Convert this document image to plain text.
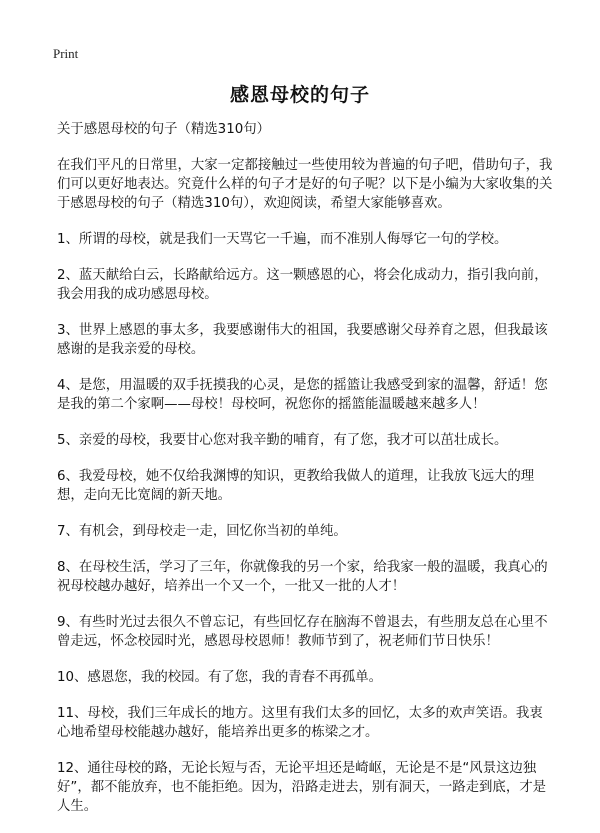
Print
感恩母校的句子

关于感恩母校的句子（精选310句）

在我们平凡的日常里，大家一定都接触过一些使用较为普遍的句子吧，借助句子，我们可以更好地表达。究竟什么样的句子才是好的句子呢？以下是小编为大家收集的关于感恩母校的句子（精选310句），欢迎阅读，希望大家能够喜欢。

1、所谓的母校，就是我们一天骂它一千遍，而不准别人侮辱它一句的学校。

2、蓝天献给白云，长路献给远方。这一颗感恩的心，将会化成动力，指引我向前，我会用我的成功感恩母校。

3、世界上感恩的事太多，我要感谢伟大的祖国，我要感谢父母养育之恩，但我最该感谢的是我亲爱的母校。

4、是您，用温暖的双手抚摸我的心灵，是您的摇篮让我感受到家的温馨，舒适！您是我的第二个家啊——母校！母校呵，祝您你的摇篮能温暖越来越多人！

5、亲爱的母校，我要甘心您对我辛勤的哺育，有了您，我才可以茁壮成长。

6、我爱母校，她不仅给我渊博的知识，更教给我做人的道理，让我放飞远大的理想，走向无比宽阔的新天地。

7、有机会，到母校走一走，回忆你当初的单纯。

8、在母校生活，学习了三年，你就像我的另一个家，给我家一般的温暖，我真心的祝母校越办越好，培养出一个又一个，一批又一批的人才！

9、有些时光过去很久不曾忘记，有些回忆存在脑海不曾退去，有些朋友总在心里不曾走远，怀念校园时光，感恩母校恩师！教师节到了，祝老师们节日快乐！

10、感恩您，我的校园。有了您，我的青春不再孤单。

11、母校，我们三年成长的地方。这里有我们太多的回忆，太多的欢声笑语。我衷心地希望母校能越办越好，能培养出更多的栋梁之才。

12、通往母校的路，无论长短与否，无论平坦还是崎岖，无论是不是“风景这边独好”，都不能放弃，也不能拒绝。因为，沿路走进去，别有洞天，一路走到底，才是人生。
